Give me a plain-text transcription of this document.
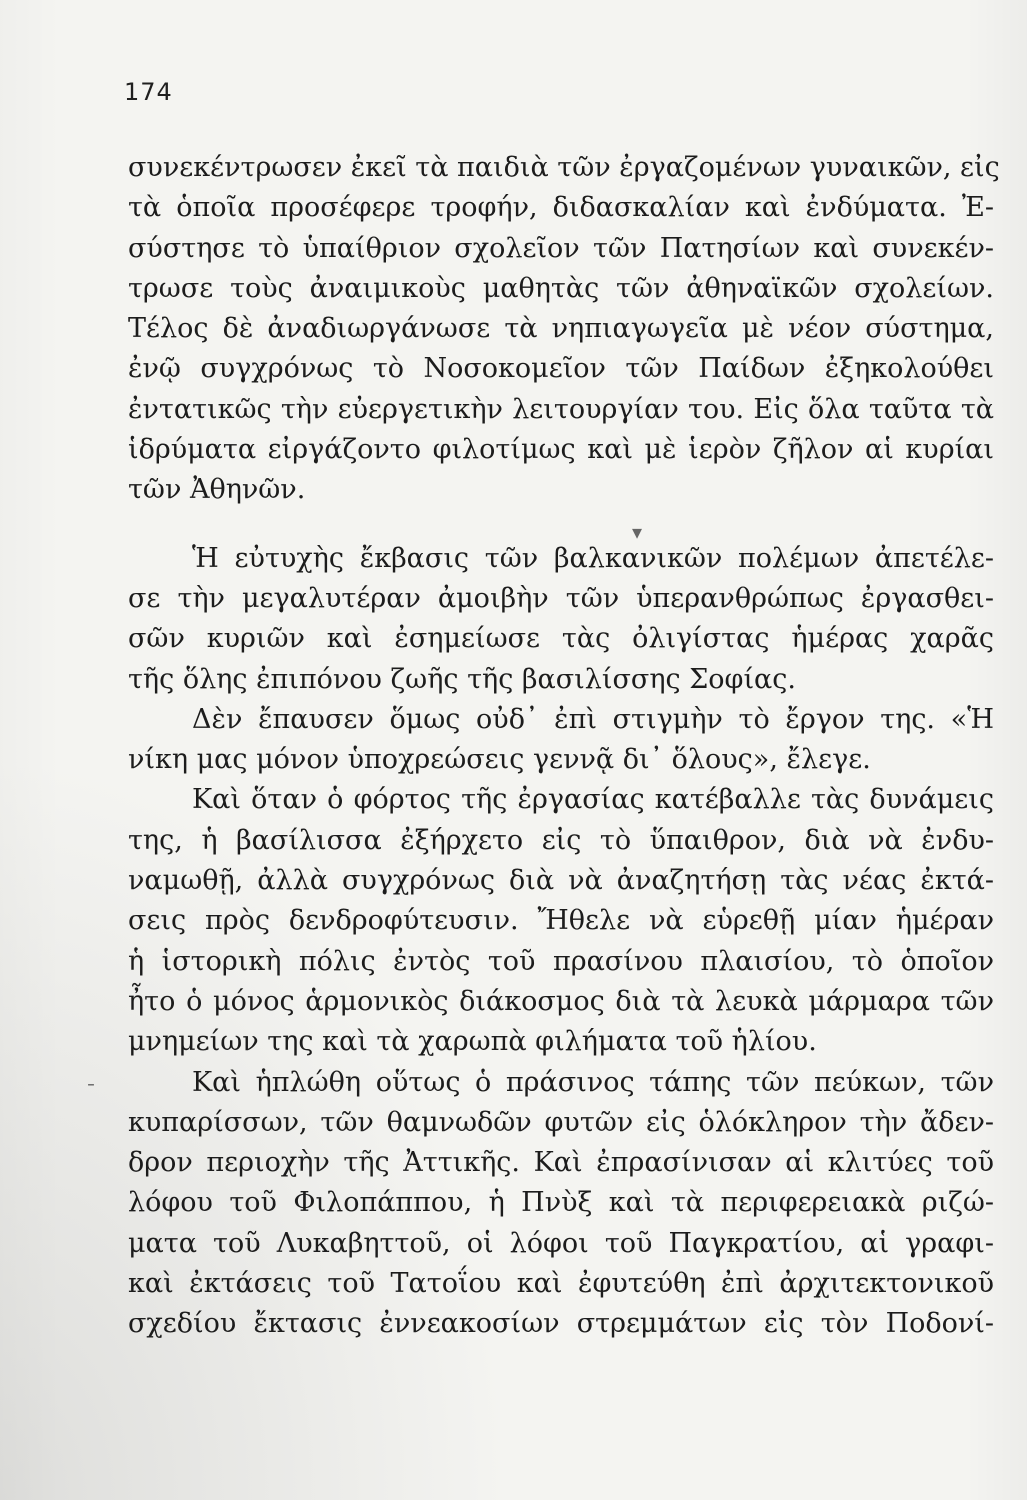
174
συνεκέντρωσεν ἐκεῖ τὰ παιδιὰ τῶν ἐργαζομένων γυναικῶν, εἰς
τὰ ὁποῖα προσέφερε τροφήν, διδασκαλίαν καὶ ἐνδύματα. Ἐ-
σύστησε τὸ ὑπαίθριον σχολεῖον τῶν Πατησίων καὶ συνεκέν-
τρωσε τοὺς ἀναιμικοὺς μαθητὰς τῶν ἀθηναϊκῶν σχολείων.
Τέλος δὲ ἀναδιωργάνωσε τὰ νηπιαγωγεῖα μὲ νέον σύστημα,
ἐνῷ συγχρόνως τὸ Νοσοκομεῖον τῶν Παίδων ἐξηκολούθει
ἐντατικῶς τὴν εὐεργετικὴν λειτουργίαν του. Εἰς ὅλα ταῦτα τὰ
ἱδρύματα εἰργάζοντο φιλοτίμως καὶ μὲ ἱερὸν ζῆλον αἱ κυρίαι
τῶν Ἀθηνῶν.
Ἡ εὐτυχὴς ἔκβασις τῶν βαλκανικῶν πολέμων ἀπετέλε-
σε τὴν μεγαλυτέραν ἀμοιβὴν τῶν ὑπερανθρώπως ἐργασθει-
σῶν κυριῶν καὶ ἐσημείωσε τὰς ὀλιγίστας ἡμέρας χαρᾶς
τῆς ὅλης ἐπιπόνου ζωῆς τῆς βασιλίσσης Σοφίας.
Δὲν ἔπαυσεν ὅμως οὐδ᾽ ἐπὶ στιγμὴν τὸ ἔργον της. «Ἡ
νίκη μας μόνον ὑποχρεώσεις γεννᾷ δι᾽ ὅλους», ἔλεγε.
Καὶ ὅταν ὁ φόρτος τῆς ἐργασίας κατέβαλλε τὰς δυνάμεις
της, ἡ βασίλισσα ἐξήρχετο εἰς τὸ ὕπαιθρον, διὰ νὰ ἐνδυ-
ναμωθῇ, ἀλλὰ συγχρόνως διὰ νὰ ἀναζητήσῃ τὰς νέας ἐκτά-
σεις πρὸς δενδροφύτευσιν. Ἤθελε νὰ εὑρεθῇ μίαν ἡμέραν
ἡ ἱστορικὴ πόλις ἐντὸς τοῦ πρασίνου πλαισίου, τὸ ὁποῖον
ἦτο ὁ μόνος ἁρμονικὸς διάκοσμος διὰ τὰ λευκὰ μάρμαρα τῶν
μνημείων της καὶ τὰ χαρωπὰ φιλήματα τοῦ ἡλίου.
Καὶ ἡπλώθη οὕτως ὁ πράσινος τάπης τῶν πεύκων, τῶν
κυπαρίσσων, τῶν θαμνωδῶν φυτῶν εἰς ὁλόκληρον τὴν ἄδεν-
δρον περιοχὴν τῆς Ἀττικῆς. Καὶ ἐπρασίνισαν αἱ κλιτύες τοῦ
λόφου τοῦ Φιλοπάππου, ἡ Πνὺξ καὶ τὰ περιφερειακὰ ριζώ-
ματα τοῦ Λυκαβηττοῦ, οἱ λόφοι τοῦ Παγκρατίου, αἱ γραφι-
καὶ ἐκτάσεις τοῦ Τατοΐου καὶ ἐφυτεύθη ἐπὶ ἀρχιτεκτονικοῦ
σχεδίου ἔκτασις ἐννεακοσίων στρεμμάτων εἰς τὸν Ποδονί-
▾
ˉ
